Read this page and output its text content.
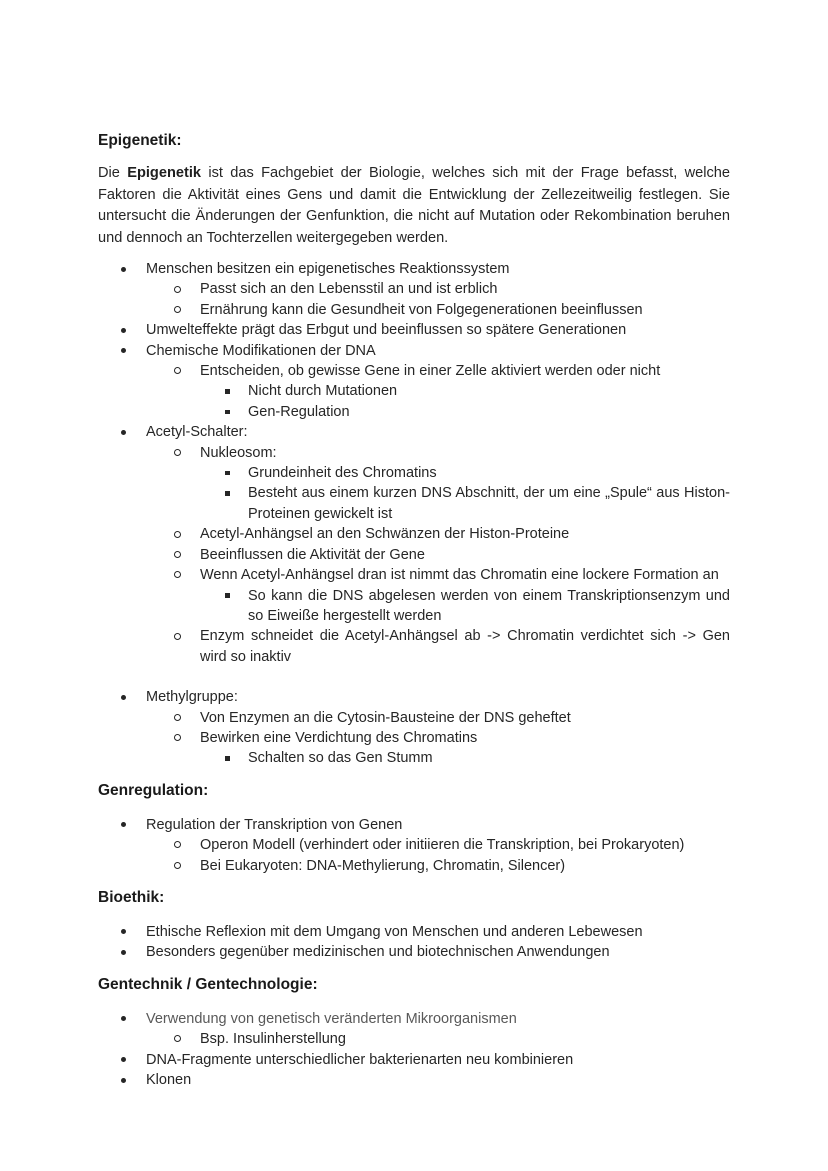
Epigenetik:
Die Epigenetik ist das Fachgebiet der Biologie, welches sich mit der Frage befasst, welche Faktoren die Aktivität eines Gens und damit die Entwicklung der Zellezeitweilig festlegen. Sie untersucht die Änderungen der Genfunktion, die nicht auf Mutation oder Rekombination beruhen und dennoch an Tochterzellen weitergegeben werden.
Menschen besitzen ein epigenetisches Reaktionssystem
Passt sich an den Lebensstil an und ist erblich
Ernährung kann die Gesundheit von Folgegenerationen beeinflussen
Umwelteffekte prägt das Erbgut und beeinflussen so spätere Generationen
Chemische Modifikationen der DNA
Entscheiden, ob gewisse Gene in einer Zelle aktiviert werden oder nicht
Nicht durch Mutationen
Gen-Regulation
Acetyl-Schalter:
Nukleosom:
Grundeinheit des Chromatins
Besteht aus einem kurzen DNS Abschnitt, der um eine „Spule“ aus Histon-Proteinen gewickelt ist
Acetyl-Anhängsel an den Schwänzen der Histon-Proteine
Beeinflussen die Aktivität der Gene
Wenn Acetyl-Anhängsel dran ist nimmt das Chromatin eine lockere Formation an
So kann die DNS abgelesen werden von einem Transkriptionsenzym und so Eiweiße hergestellt werden
Enzym schneidet die Acetyl-Anhängsel ab -> Chromatin verdichtet sich -> Gen wird so inaktiv
Methylgruppe:
Von Enzymen an die Cytosin-Bausteine der DNS geheftet
Bewirken eine Verdichtung des Chromatins
Schalten so das Gen Stumm
Genregulation:
Regulation der Transkription von Genen
Operon Modell (verhindert oder initiieren die Transkription, bei Prokaryoten)
Bei Eukaryoten: DNA-Methylierung, Chromatin, Silencer)
Bioethik:
Ethische Reflexion mit dem Umgang von Menschen und anderen Lebewesen
Besonders gegenüber medizinischen und biotechnischen Anwendungen
Gentechnik / Gentechnologie:
Verwendung von genetisch veränderten Mikroorganismen
Bsp. Insulinherstellung
DNA-Fragmente unterschiedlicher bakterienarten neu kombinieren
Klonen
